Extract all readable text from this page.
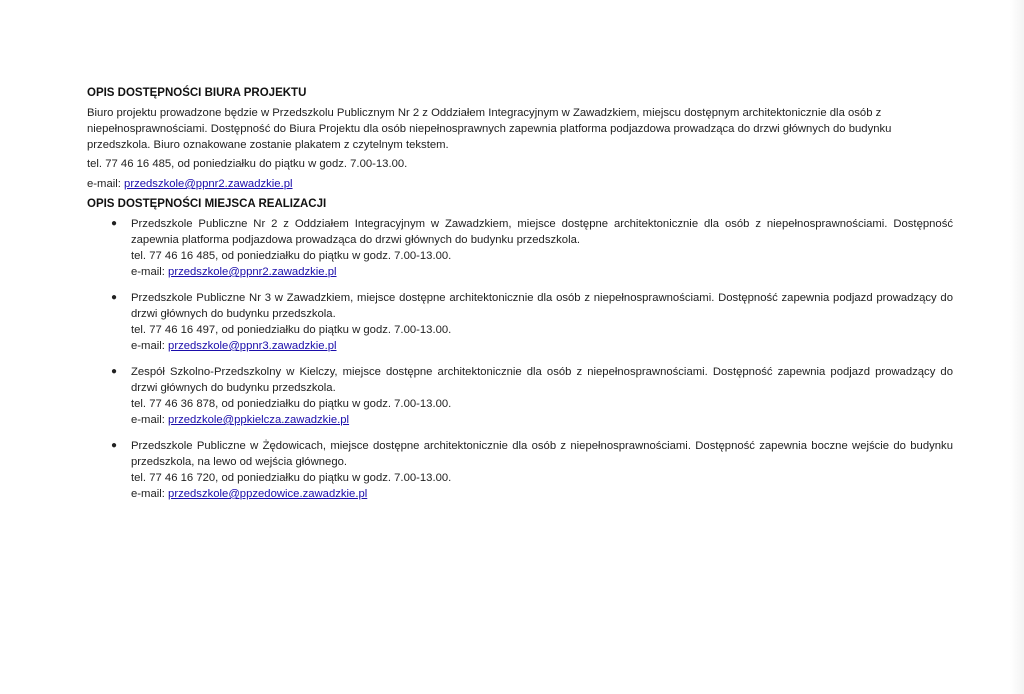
OPIS DOSTĘPNOŚCI BIURA PROJEKTU

Biuro projektu prowadzone będzie w Przedszkolu Publicznym Nr 2 z Oddziałem Integracyjnym w Zawadzkiem, miejscu dostępnym architektonicznie dla osób z niepełnosprawnościami. Dostępność do Biura Projektu dla osób niepełnosprawnych zapewnia platforma podjazdowa prowadząca do drzwi głównych do budynku przedszkola. Biuro oznakowane zostanie plakatem z czytelnym tekstem.

tel. 77 46 16 485, od poniedziałku do piątku w godz. 7.00-13.00.

e-mail: przedszkole@ppnr2.zawadzkie.pl

OPIS DOSTĘPNOŚCI MIEJSCA REALIZACJI
● Przedszkole Publiczne Nr 2 z Oddziałem Integracyjnym w Zawadzkiem, miejsce dostępne architektonicznie dla osób z niepełnosprawnościami. Dostępność zapewnia platforma podjazdowa prowadząca do drzwi głównych do budynku przedszkola.

tel. 77 46 16 485, od poniedziałku do piątku w godz. 7.00-13.00.

e-mail: przedszkole@ppnr2.zawadzkie.pl

● Przedszkole Publiczne Nr 3 w Zawadzkiem, miejsce dostępne architektonicznie dla osób z niepełnosprawnościami. Dostępność zapewnia podjazd prowadzący do drzwi głównych do budynku przedszkola.

tel. 77 46 16 497, od poniedziałku do piątku w godz. 7.00-13.00.

e-mail: przedszkole@ppnr3.zawadzkie.pl

● Zespół Szkolno-Przedszkolny w Kielczy, miejsce dostępne architektonicznie dla osób z niepełnosprawnościami. Dostępność zapewnia podjazd prowadzący do drzwi głównych do budynku przedszkola.

tel. 77 46 36 878, od poniedziałku do piątku w godz. 7.00-13.00.

e-mail: przedzkole@ppkielcza.zawadzkie.pl

● Przedszkole Publiczne w Żędowicach, miejsce dostępne architektonicznie dla osób z niepełnosprawnościami. Dostępność zapewnia boczne wejście do budynku przedszkola, na lewo od wejścia głównego.

tel. 77 46 16 720, od poniedziałku do piątku w godz. 7.00-13.00.

e-mail: przedszkole@ppzedowice.zawadzkie.pl
